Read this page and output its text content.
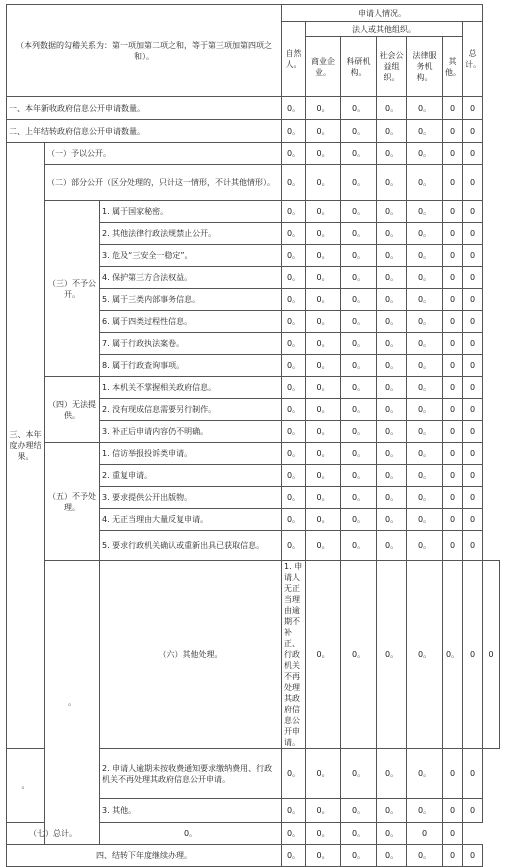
（本列数据的勾稽关系为：第一项加第二项之和，等于第三项加第四项之和）。			申请人情况。							
			自然人。	法人或其他组织。					总计。	
				商业企业。	科研机构。	社会公益组织。	法律服务机构。	其他。		
一、本年新收政府信息公开申请数量。			0。	0。	0。	0。	0。	0	0	
二、上年结转政府信息公开申请数量。			0。	0。	0。	0。	0。	0	0	
三、本年度办理结果。	（一）予以公开。		0。	0。	0。	0。	0。	0	0	
	（二）部分公开（区分处理的，只计这一情形，不计其他情形）。		0。	0。	0。	0。	0。	0	0	
	（三）不予公开。	1. 属于国家秘密。	0。	0。	0。	0。	0。	0	0	
		2. 其他法律行政法规禁止公开。	0。	0。	0。	0。	0。	0	0	
		3. 危及“三安全一稳定”。	0。	0。	0。	0。	0。	0	0	
		4. 保护第三方合法权益。	0。	0。	0。	0。	0。	0	0	
		5. 属于三类内部事务信息。	0。	0。	0。	0。	0。	0	0	
		6. 属于四类过程性信息。	0。	0。	0。	0。	0。	0	0	
		7. 属于行政执法案卷。	0。	0。	0。	0。	0。	0	0	
		8. 属于行政查询事项。	0。	0。	0。	0。	0。	0	0	
	（四）无法提供。	1. 本机关不掌握相关政府信息。	0。	0。	0。	0。	0。	0	0	
		2. 没有现成信息需要另行制作。	0。	0。	0。	0。	0。	0	0	
		3. 补正后申请内容仍不明确。	0。	0。	0。	0。	0。	0	0	
	（五）不予处理。	1. 信访举报投诉类申请。	0。	0。	0。	0。	0。	0	0	
		2. 重复申请。	0。	0。	0。	0。	0。	0	0	
		3. 要求提供公开出版物。	0。	0。	0。	0。	0。	0	0	
		4. 无正当理由大量反复申请。	0。	0。	0。	0。	0。	0	0	
		5. 要求行政机关确认或重新出具已获取信息。	0。	0。	0。	0。	0。	0	0	
	。	（六）其他处理。	1. 申请人无正当理由逾期不补正、行政机关不再处理其政府信息公开申请。	0。	0。	0。	0。	0。	0	0
。		2. 申请人逾期未按收费通知要求缴纳费用、行政机关不再处理其政府信息公开申请。	0。	0。	0。	0。	0。	0	0	
		3. 其他。	0。	0。	0。	0。	0。	0	0	
（七）总计。		0。	0。	0。	0。	0。	0	0		
四、结转下年度继续办理。			0。	0。	0。	0。	0。	0	0	
